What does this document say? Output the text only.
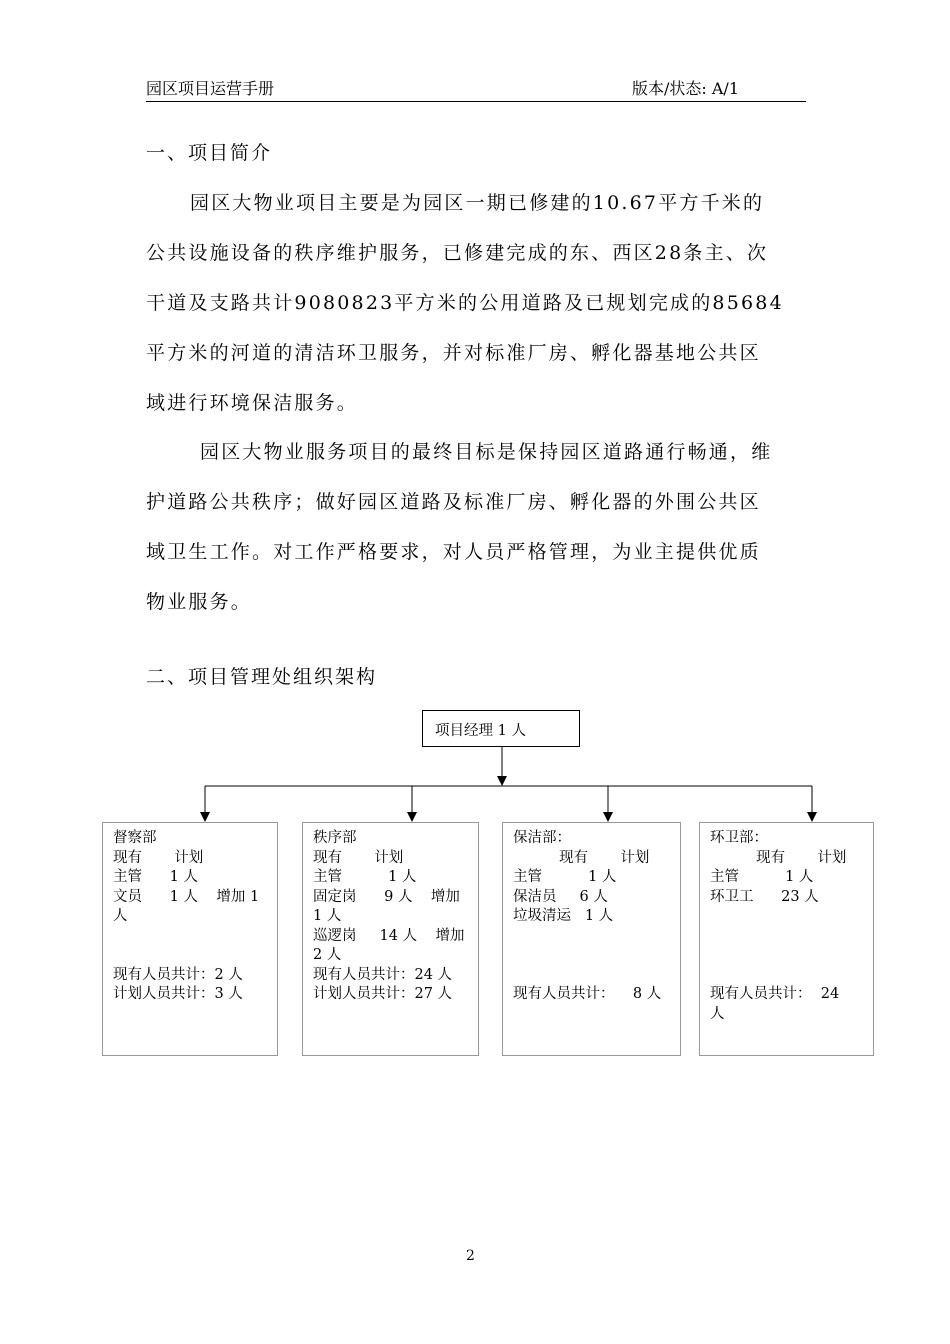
园区项目运营手册	版本/状态: A/1
一、项目简介
园区大物业项目主要是为园区一期已修建的10.67平方千米的
公共设施设备的秩序维护服务，已修建完成的东、西区28条主、次
干道及支路共计9080823平方米的公用道路及已规划完成的85684
平方米的河道的清洁环卫服务，并对标准厂房、孵化器基地公共区
域进行环境保洁服务。
园区大物业服务项目的最终目标是保持园区道路通行畅通，维
护道路公共秩序；做好园区道路及标准厂房、孵化器的外围公共区
域卫生工作。对工作严格要求，对人员严格管理，为业主提供优质
物业服务。
二、项目管理处组织架构
项目经理 1 人
督察部
现有       计划
主管      1 人
文员      1 人    增加 1
人

现有人员共计：2 人
计划人员共计：3 人
秩序部
现有       计划
主管          1 人
固定岗      9 人    增加
1 人
巡逻岗     14 人    增加
2 人
现有人员共计：24 人
计划人员共计：27 人
保洁部：
现有       计划
主管          1 人
保洁员     6 人
垃圾清运   1 人

现有人员共计：    8 人
环卫部：
现有       计划
主管          1 人
环卫工      23 人

现有人员共计：  24
人
2
